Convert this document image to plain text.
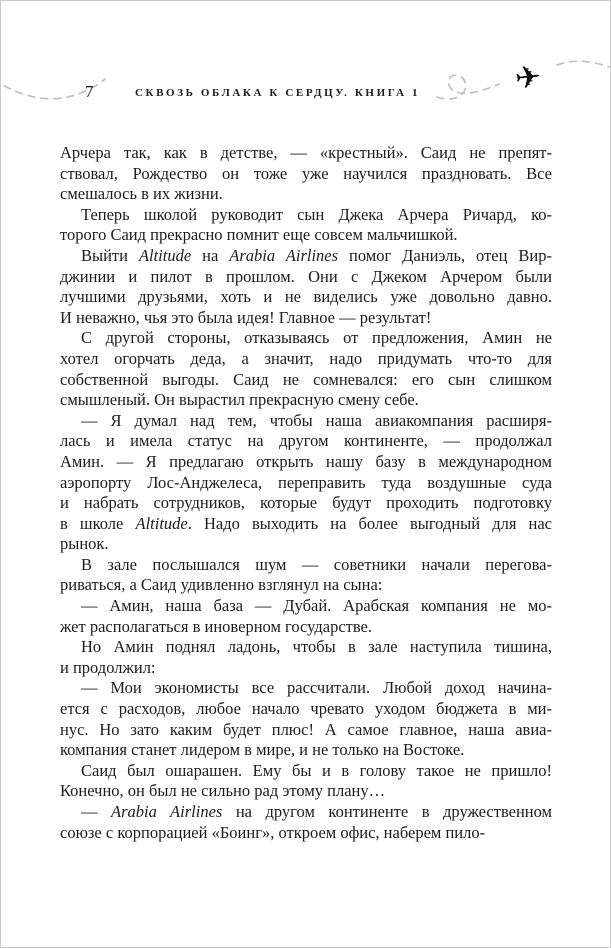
✈
7	СКВОЗЬ ОБЛАКА К СЕРДЦУ. КНИГА 1
Арчера так, как в детстве, — «крестный». Саид не препят-
ствовал, Рождество он тоже уже научился праздновать. Все
смешалось в их жизни.
Теперь школой руководит сын Джека Арчера Ричард, ко-
торого Саид прекрасно помнит еще совсем мальчишкой.
Выйти Altitude на Arabia Airlines помог Даниэль, отец Вир-
джинии и пилот в прошлом. Они с Джеком Арчером были
лучшими друзьями, хоть и не виделись уже довольно давно.
И неважно, чья это была идея! Главное — результат!
С другой стороны, отказываясь от предложения, Амин не
хотел огорчать деда, а значит, надо придумать что-то для
собственной выгоды. Саид не сомневался: его сын слишком
смышленый. Он вырастил прекрасную смену себе.
— Я думал над тем, чтобы наша авиакомпания расширя-
лась и имела статус на другом континенте, — продолжал
Амин. — Я предлагаю открыть нашу базу в международном
аэропорту Лос-Анджелеса, переправить туда воздушные суда
и набрать сотрудников, которые будут проходить подготовку
в школе Altitude. Надо выходить на более выгодный для нас
рынок.
В зале послышался шум — советники начали перегова-
риваться, а Саид удивленно взглянул на сына:
— Амин, наша база — Дубай. Арабская компания не мо-
жет располагаться в иноверном государстве.
Но Амин поднял ладонь, чтобы в зале наступила тишина,
и продолжил:
— Мои экономисты все рассчитали. Любой доход начина-
ется с расходов, любое начало чревато уходом бюджета в ми-
нус. Но зато каким будет плюс! А самое главное, наша авиа-
компания станет лидером в мире, и не только на Востоке.
Саид был ошарашен. Ему бы и в голову такое не пришло!
Конечно, он был не сильно рад этому плану…
— Arabia Airlines на другом континенте в дружественном
союзе с корпорацией «Боинг», откроем офис, наберем пило-
